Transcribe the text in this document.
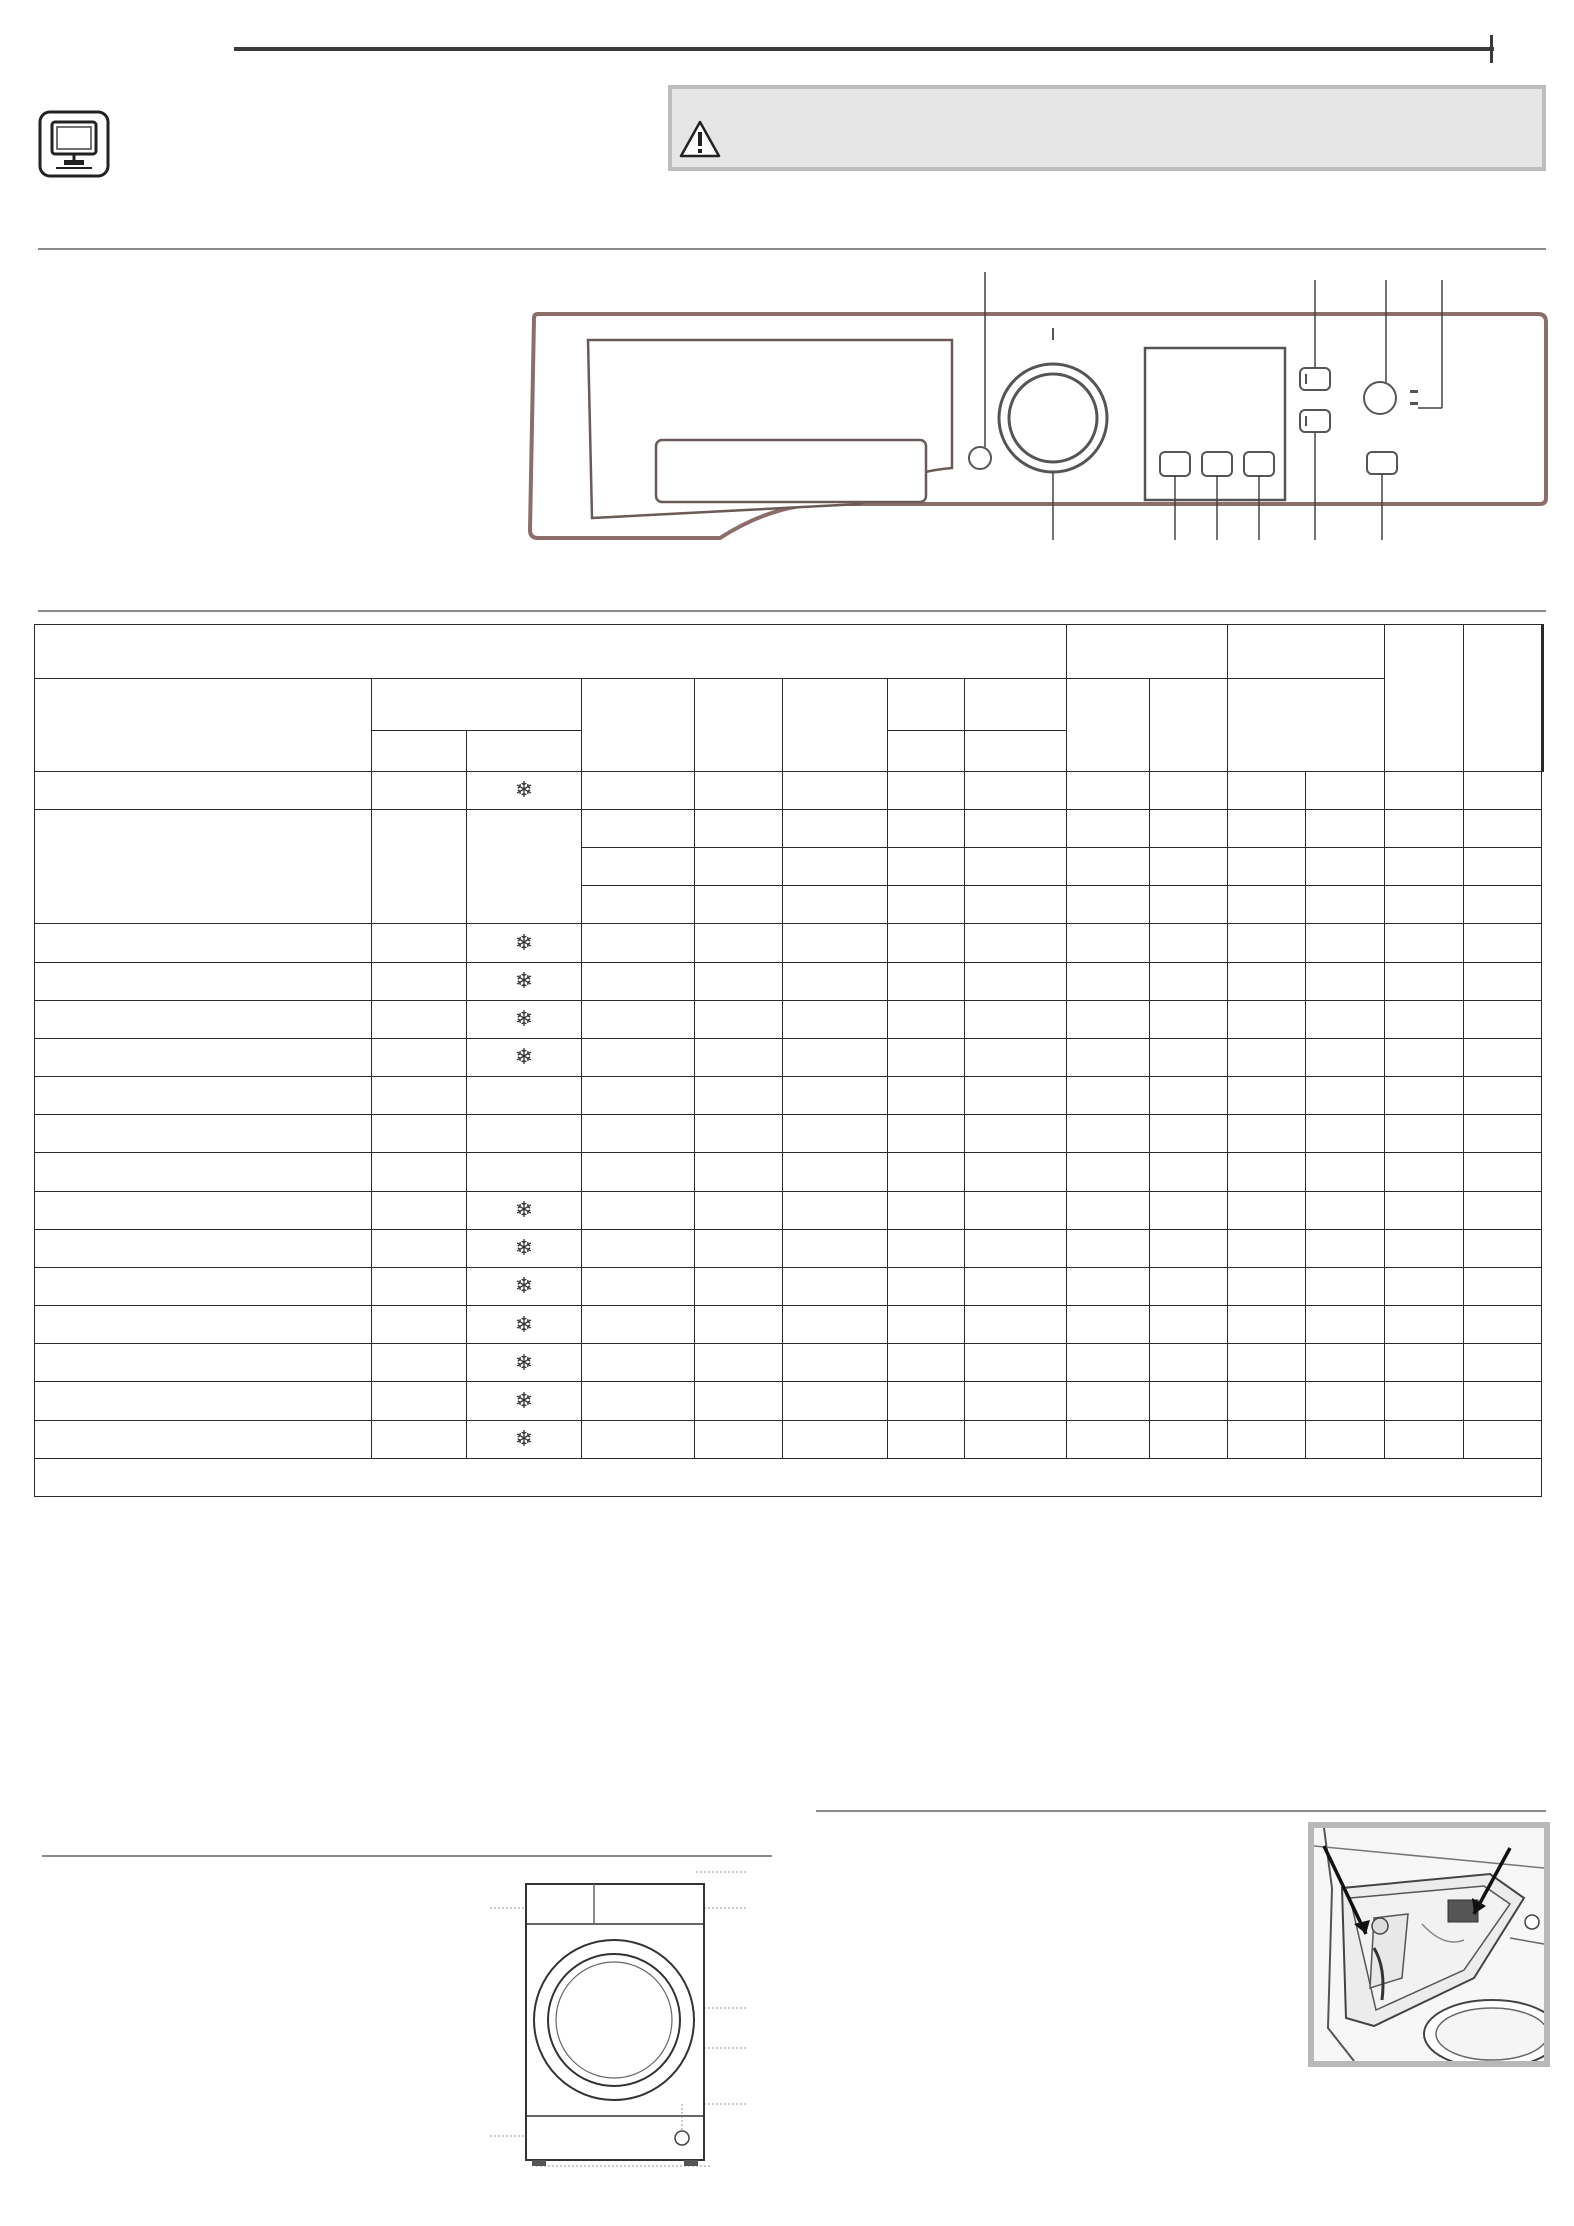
		❄												

		❄												
		❄												
		❄												
		❄												

		❄												
		❄												
		❄												
		❄												
		❄												
		❄												
		❄												
